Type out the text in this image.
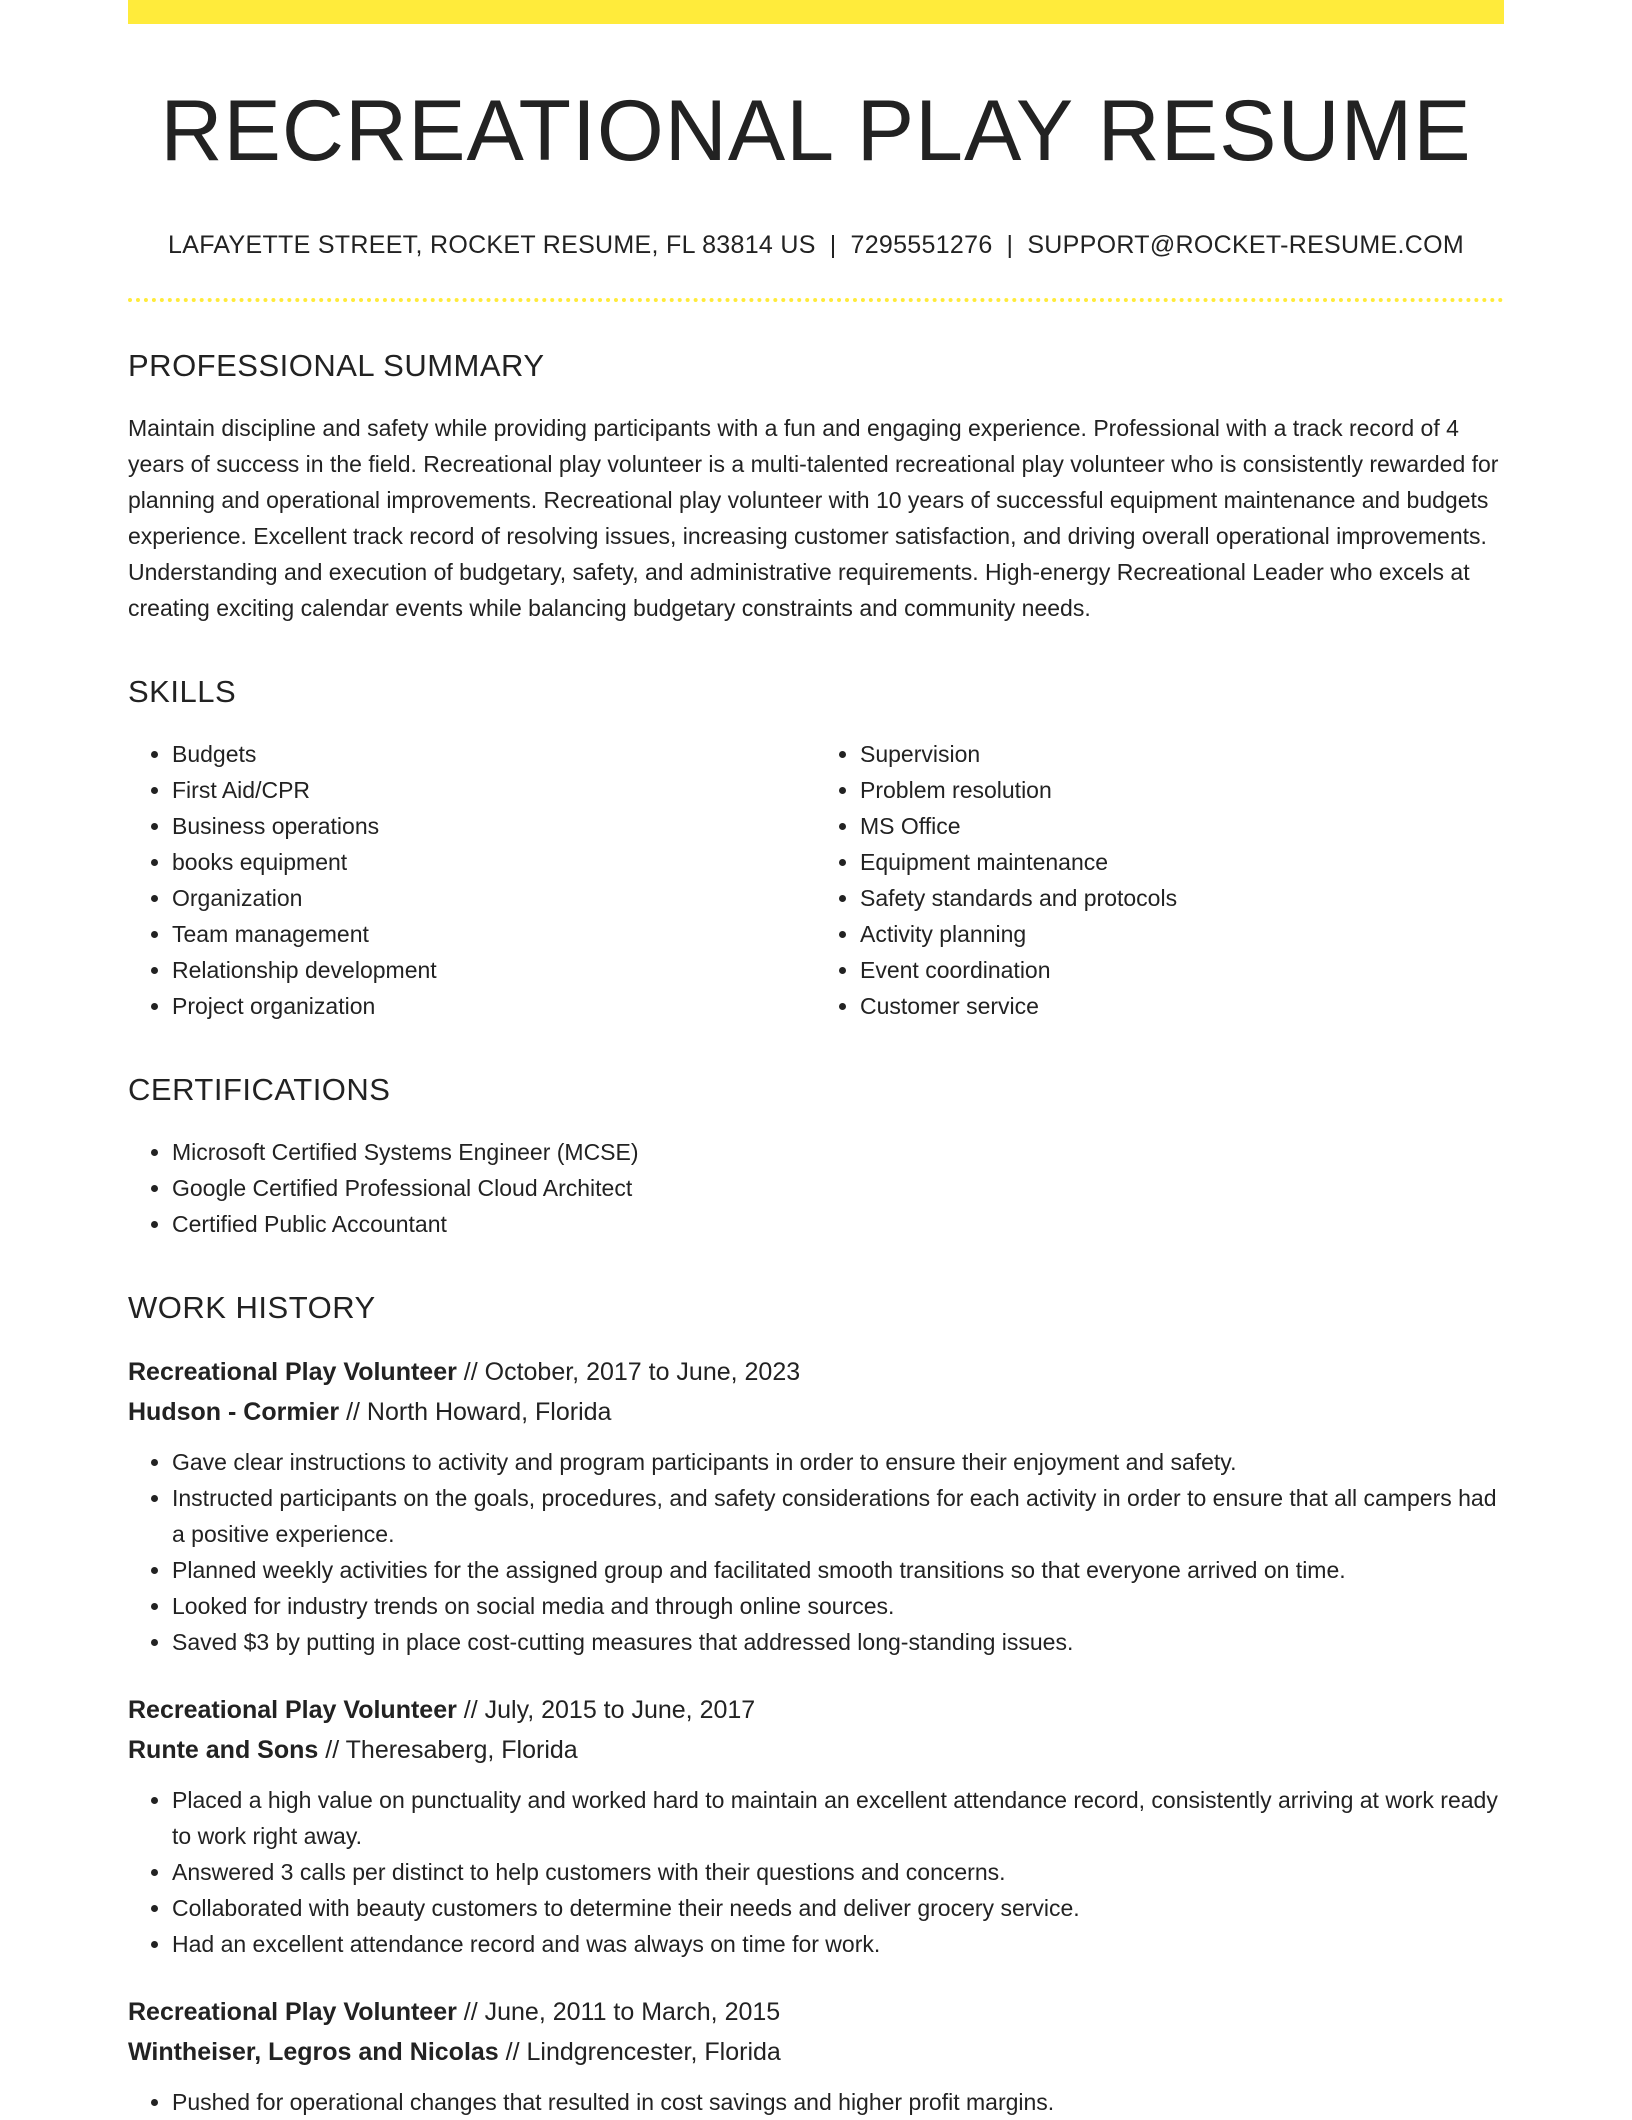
RECREATIONAL PLAY RESUME
LAFAYETTE STREET, ROCKET RESUME, FL 83814 US | 7295551276 | SUPPORT@ROCKET-RESUME.COM
PROFESSIONAL SUMMARY

Maintain discipline and safety while providing participants with a fun and engaging experience. Professional with a track record of 4 years of success in the field. Recreational play volunteer is a multi-talented recreational play volunteer who is consistently rewarded for planning and operational improvements. Recreational play volunteer with 10 years of successful equipment maintenance and budgets experience. Excellent track record of resolving issues, increasing customer satisfaction, and driving overall operational improvements. Understanding and execution of budgetary, safety, and administrative requirements. High-energy Recreational Leader who excels at creating exciting calendar events while balancing budgetary constraints and community needs.

SKILLS
• Budgets
• First Aid/CPR
• Business operations
• books equipment
• Organization
• Team management
• Relationship development
• Project organization
• Supervision
• Problem resolution
• MS Office
• Equipment maintenance
• Safety standards and protocols
• Activity planning
• Event coordination
• Customer service
CERTIFICATIONS
• Microsoft Certified Systems Engineer (MCSE)
• Google Certified Professional Cloud Architect
• Certified Public Accountant
WORK HISTORY
Recreational Play Volunteer // October, 2017 to June, 2023
Hudson - Cormier // North Howard, Florida
• Gave clear instructions to activity and program participants in order to ensure their enjoyment and safety.
• Instructed participants on the goals, procedures, and safety considerations for each activity in order to ensure that all campers had a positive experience.
• Planned weekly activities for the assigned group and facilitated smooth transitions so that everyone arrived on time.
• Looked for industry trends on social media and through online sources.
• Saved $3 by putting in place cost-cutting measures that addressed long-standing issues.
Recreational Play Volunteer // July, 2015 to June, 2017
Runte and Sons // Theresaberg, Florida
• Placed a high value on punctuality and worked hard to maintain an excellent attendance record, consistently arriving at work ready to work right away.
• Answered 3 calls per distinct to help customers with their questions and concerns.
• Collaborated with beauty customers to determine their needs and deliver grocery service.
• Had an excellent attendance record and was always on time for work.
Recreational Play Volunteer // June, 2011 to March, 2015
Wintheiser, Legros and Nicolas // Lindgrencester, Florida
• Pushed for operational changes that resulted in cost savings and higher profit margins.
